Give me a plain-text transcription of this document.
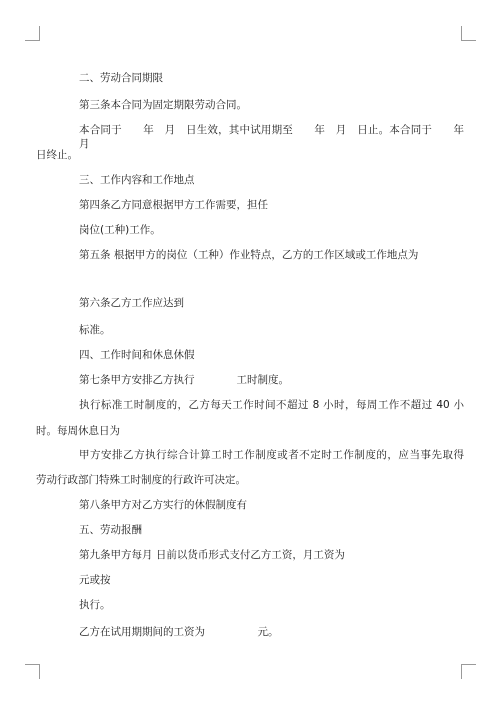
二、劳动合同期限
第三条本合同为固定期限劳动合同。
本合同于　　年　月　日生效，其中试用期至　　年　月　日止。本合同于　　年　月
日终止。
三、工作内容和工作地点
第四条乙方同意根据甲方工作需要，担任
岗位(工种)工作。
第五条 根据甲方的岗位（工种）作业特点，乙方的工作区域或工作地点为
第六条乙方工作应达到
标准。
四、工作时间和休息休假
第七条甲方安排乙方执行　　　　工时制度。
执行标准工时制度的，乙方每天工作时间不超过 8 小时，每周工作不超过 40 小
时。每周休息日为
甲方安排乙方执行综合计算工时工作制度或者不定时工作制度的，应当事先取得
劳动行政部门特殊工时制度的行政许可决定。
第八条甲方对乙方实行的休假制度有
五、劳动报酬
第九条甲方每月 日前以货币形式支付乙方工资，月工资为
元或按
执行。
乙方在试用期期间的工资为　　　　　元。
